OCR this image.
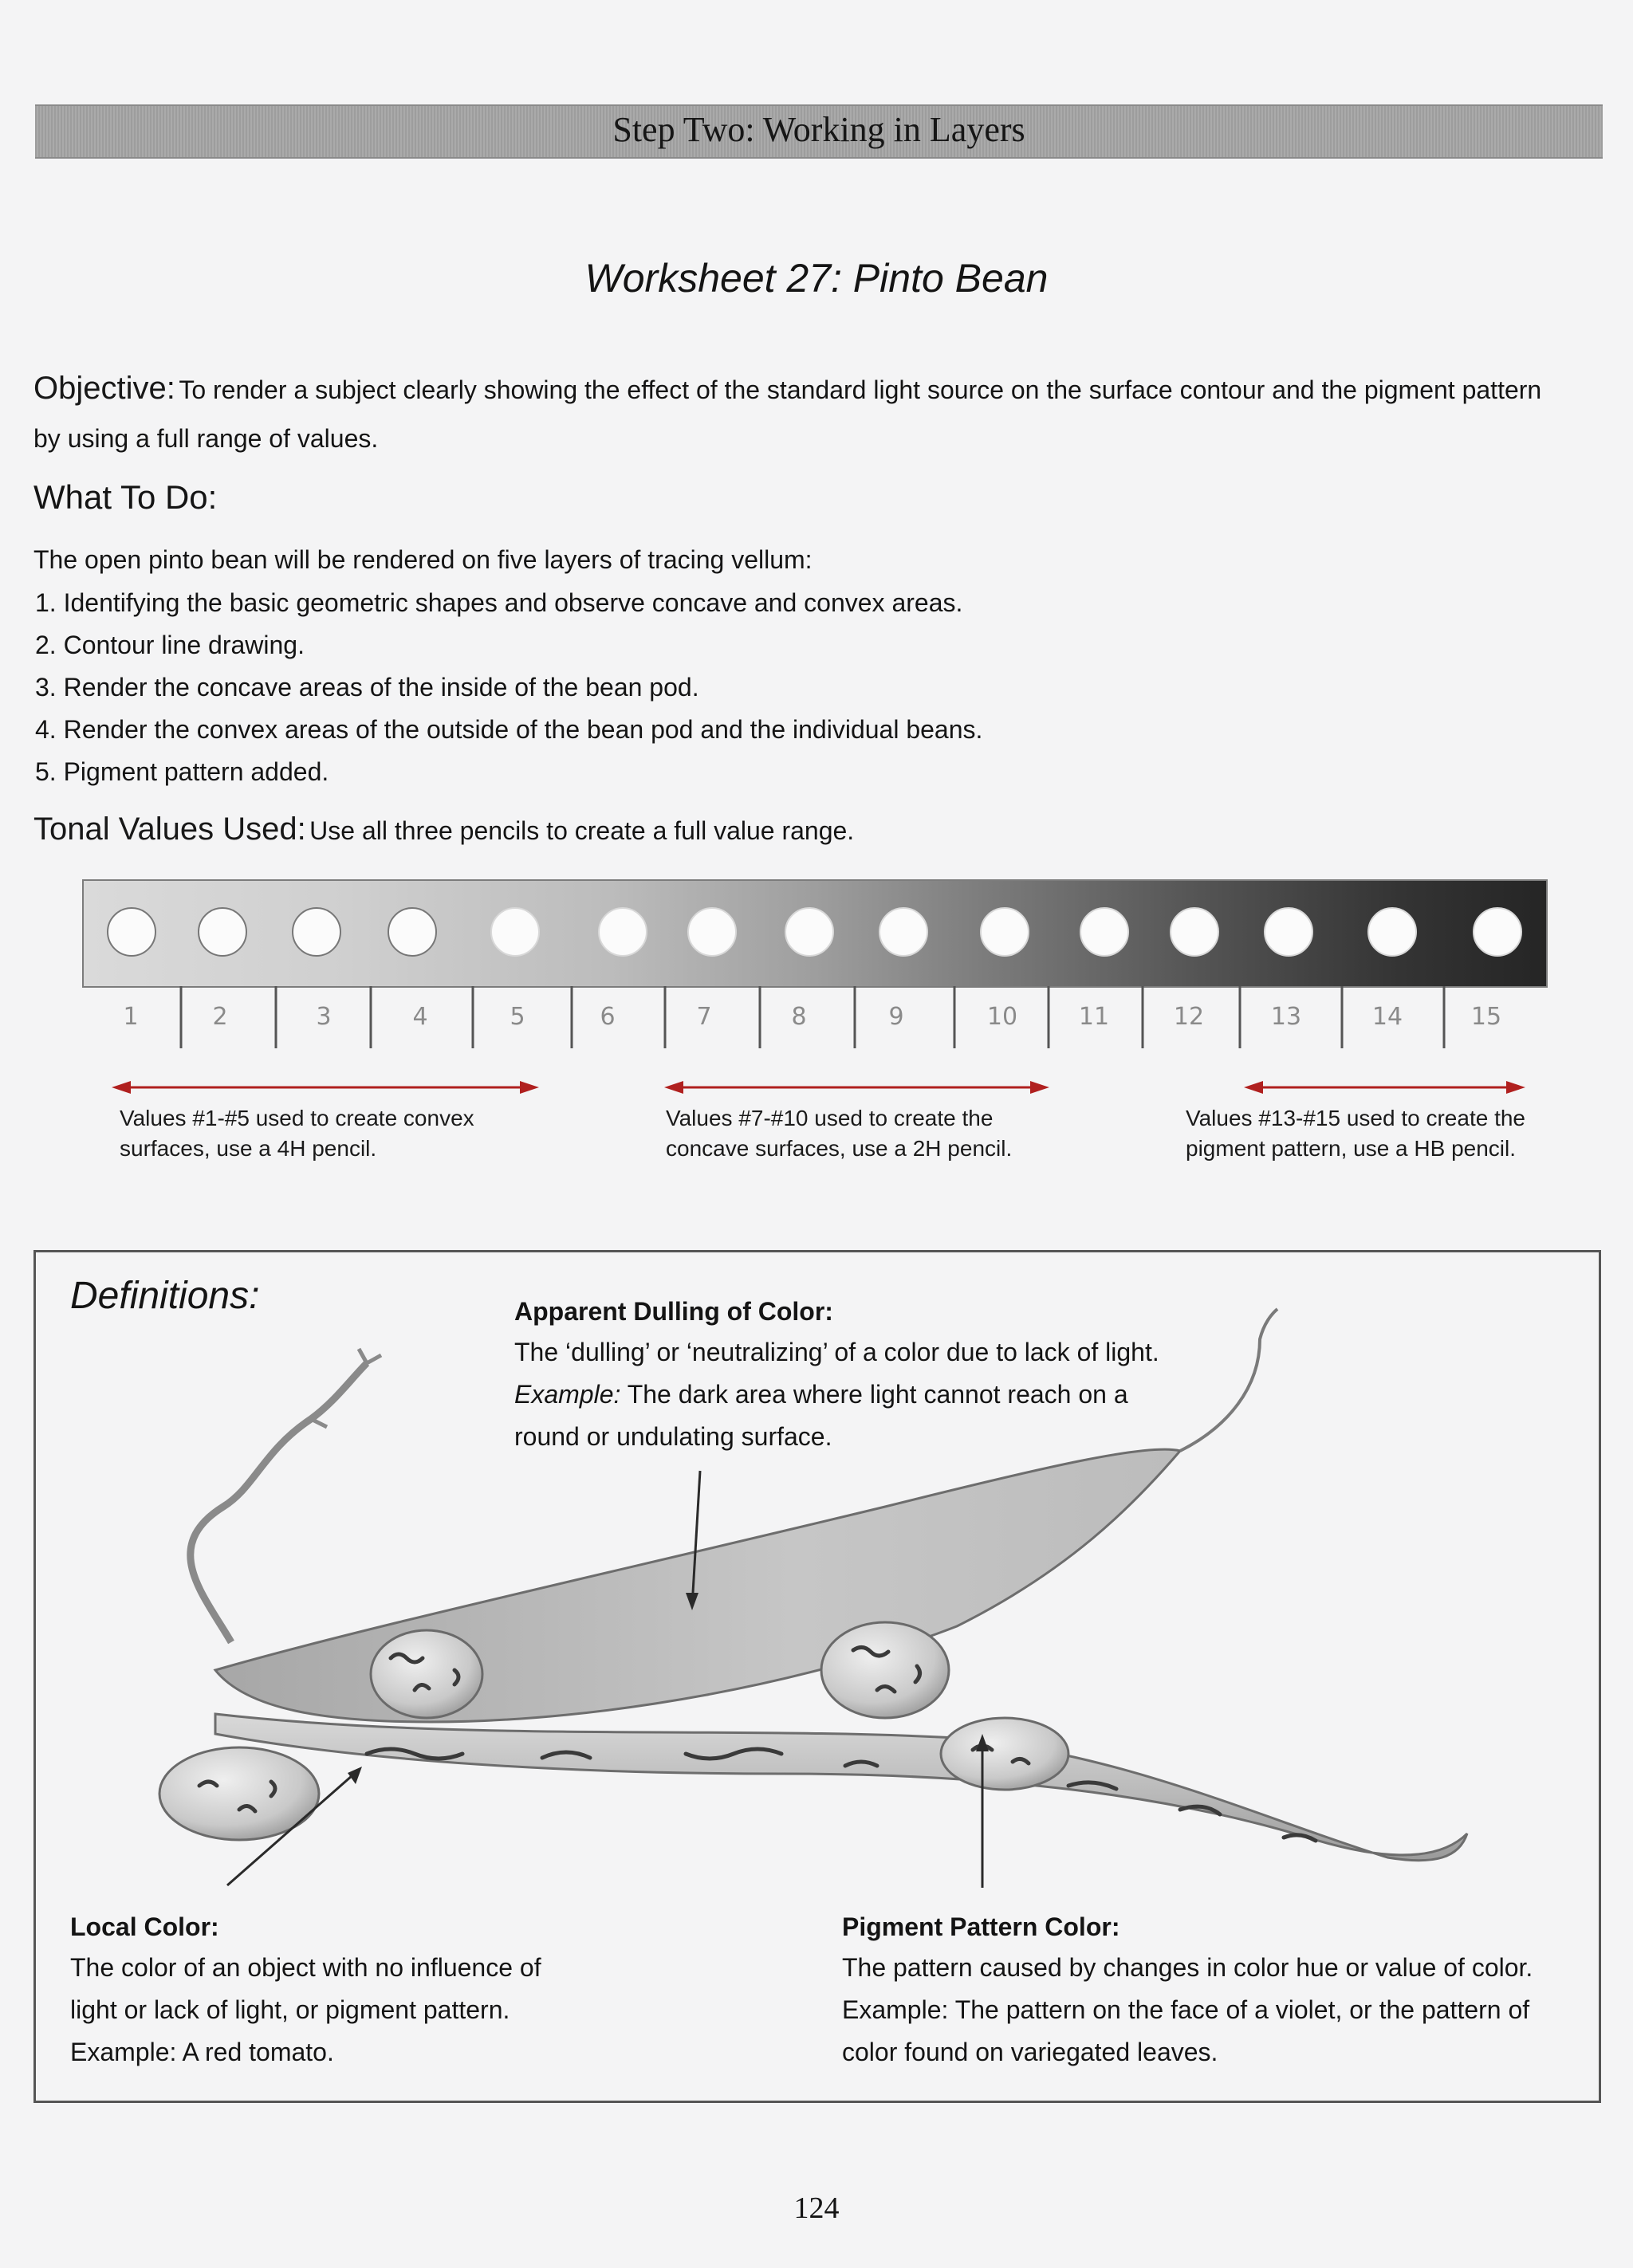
Step Two: Working in Layers
Worksheet 27: Pinto Bean
Objective: To render a subject clearly showing the effect of the standard light source on the surface contour and the pigment pattern
by using a full range of values.
What To Do:
The open pinto bean will be rendered on five layers of tracing vellum:
1. Identifying the basic geometric shapes and observe concave and convex areas.
2. Contour line drawing.
3. Render the concave areas of the inside of the bean pod.
4. Render the convex areas of the outside of the bean pod and the individual beans.
5. Pigment pattern added.
Tonal Values Used: Use all three pencils to create a full value range.
1	2	3	4	5	6	7	8	9	10	11	12	13	14	15
Values #1-#5 used to create convex
surfaces, use a 4H pencil.
Values #7-#10 used to create the
concave surfaces, use a 2H pencil.
Values #13-#15 used to create the
pigment pattern, use a HB pencil.
Definitions:	Apparent Dulling of Color:
The ‘dulling’ or ‘neutralizing’ of a color due to lack of light.
Example: The dark area where light cannot reach on a
round or undulating surface.
Local Color:
The color of an object with no influence of
light or lack of light, or pigment pattern.
Example: A red tomato.
Pigment Pattern Color:
The pattern caused by changes in color hue or value of color.
Example: The pattern on the face of a violet, or the pattern of
color found on variegated leaves.
124
